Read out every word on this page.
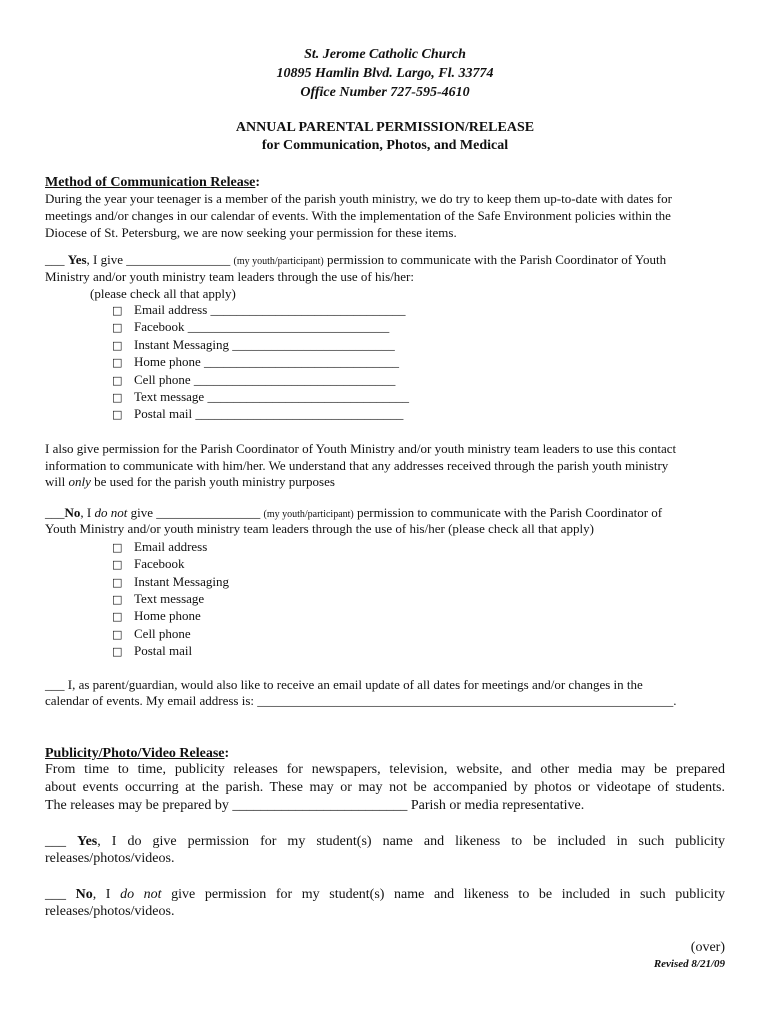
St. Jerome Catholic Church
10895 Hamlin Blvd. Largo, Fl. 33774
Office Number 727-595-4610
ANNUAL PARENTAL PERMISSION/RELEASE
for Communication, Photos, and Medical
Method of Communication Release:
During the year your teenager is a member of the parish youth ministry, we do try to keep them up-to-date with dates for
meetings and/or changes in our calendar of events. With the implementation of the Safe Environment policies within the
Diocese of St. Petersburg, we are now seeking your permission for these items.
___ Yes, I give ________________ (my youth/participant) permission to communicate with the Parish Coordinator of Youth
Ministry and/or youth ministry team leaders through the use of his/her:
(please check all that apply)
□ Email address ______________________________
□ Facebook _______________________________
□ Instant Messaging _________________________
□ Home phone ______________________________
□ Cell phone _______________________________
□ Text message _______________________________
□ Postal mail ________________________________
I also give permission for the Parish Coordinator of Youth Ministry and/or youth ministry team leaders to use this contact
information to communicate with him/her. We understand that any addresses received through the parish youth ministry
will only be used for the parish youth ministry purposes
___No, I do not give ________________ (my youth/participant) permission to communicate with the Parish Coordinator of
Youth Ministry and/or youth ministry team leaders through the use of his/her (please check all that apply)
□ Email address
□ Facebook
□ Instant Messaging
□ Text message
□ Home phone
□ Cell phone
□ Postal mail
___ I, as parent/guardian, would also like to receive an email update of all dates for meetings and/or changes in the
calendar of events. My email address is: ________________________________________________________________.
Publicity/Photo/Video Release:
From time to time, publicity releases for newspapers, television, website, and other media may be prepared
about events occurring at the parish. These may or may not be accompanied by photos or videotape of students.
The releases may be prepared by _________________________ Parish or media representative.
___ Yes, I do give permission for my student(s) name and likeness to be included in such publicity
releases/photos/videos.
___ No, I do not give permission for my student(s) name and likeness to be included in such publicity
releases/photos/videos.
(over)
Revised 8/21/09
